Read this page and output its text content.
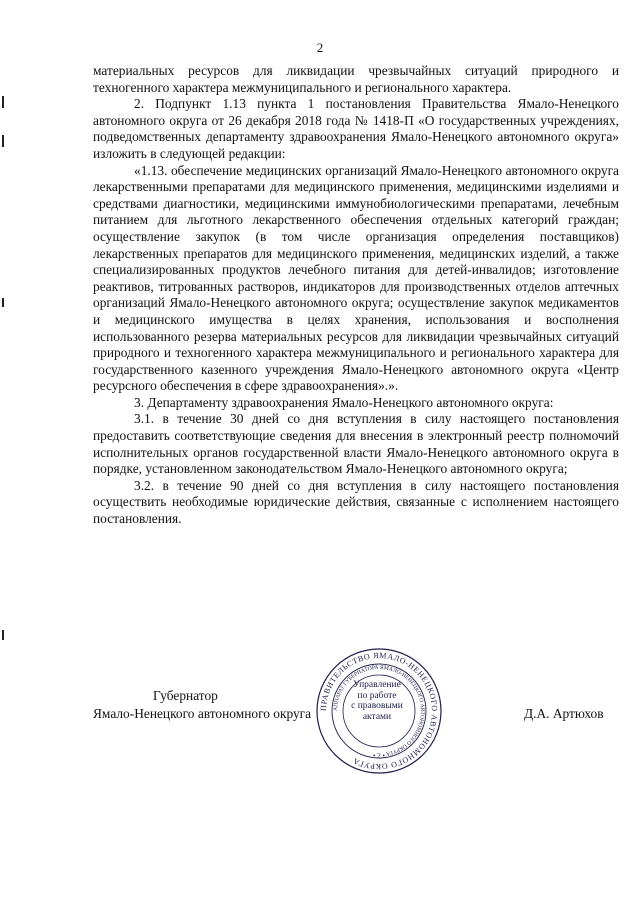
2

материальных ресурсов для ликвидации чрезвычайных ситуаций природного и техногенного характера межмуниципального и регионального характера.

2. Подпункт 1.13 пункта 1 постановления Правительства Ямало-Ненецкого автономного округа от 26 декабря 2018 года № 1418-П «О государственных учреждениях, подведомственных департаменту здравоохранения Ямало-Ненецкого автономного округа» изложить в следующей редакции:

«1.13. обеспечение медицинских организаций Ямало-Ненецкого автономного округа лекарственными препаратами для медицинского применения, медицинскими изделиями и средствами диагностики, медицинскими иммунобиологическими препаратами, лечебным питанием для льготного лекарственного обеспечения отдельных категорий граждан; осуществление закупок (в том числе организация определения поставщиков) лекарственных препаратов для медицинского применения, медицинских изделий, а также специализированных продуктов лечебного питания для детей-инвалидов; изготовление реактивов, титрованных растворов, индикаторов для производственных отделов аптечных организаций Ямало-Ненецкого автономного округа; осуществление закупок медикаментов и медицинского имущества в целях хранения, использования и восполнения использованного резерва материальных ресурсов для ликвидации чрезвычайных ситуаций природного и техногенного характера межмуниципального и регионального характера для государственного казенного учреждения Ямало-Ненецкого автономного округа «Центр ресурсного обеспечения в сфере здравоохранения».».

3. Департаменту здравоохранения Ямало-Ненецкого автономного округа:

3.1. в течение 30 дней со дня вступления в силу настоящего постановления предоставить соответствующие сведения для внесения в электронный реестр полномочий исполнительных органов государственной власти Ямало-Ненецкого автономного округа в порядке, установленном законодательством Ямало-Ненецкого автономного округа;

3.2. в течение 90 дней со дня вступления в силу настоящего постановления осуществить необходимые юридические действия, связанные с исполнением настоящего постановления.

Губернатор
Ямало-Ненецкого автономного округа	Д.А. Артюхов
ПРАВИТЕЛЬСТВО ЯМАЛО-НЕНЕЦКОГО АВТОНОМНОГО ОКРУГА
АППАРАТ ГУБЕРНАТОРА ЯМАЛО-НЕНЕЦКОГО АВТОНОМНОГО ОКРУГА
• 2 •
Управление
по работе
с правовыми
актами
